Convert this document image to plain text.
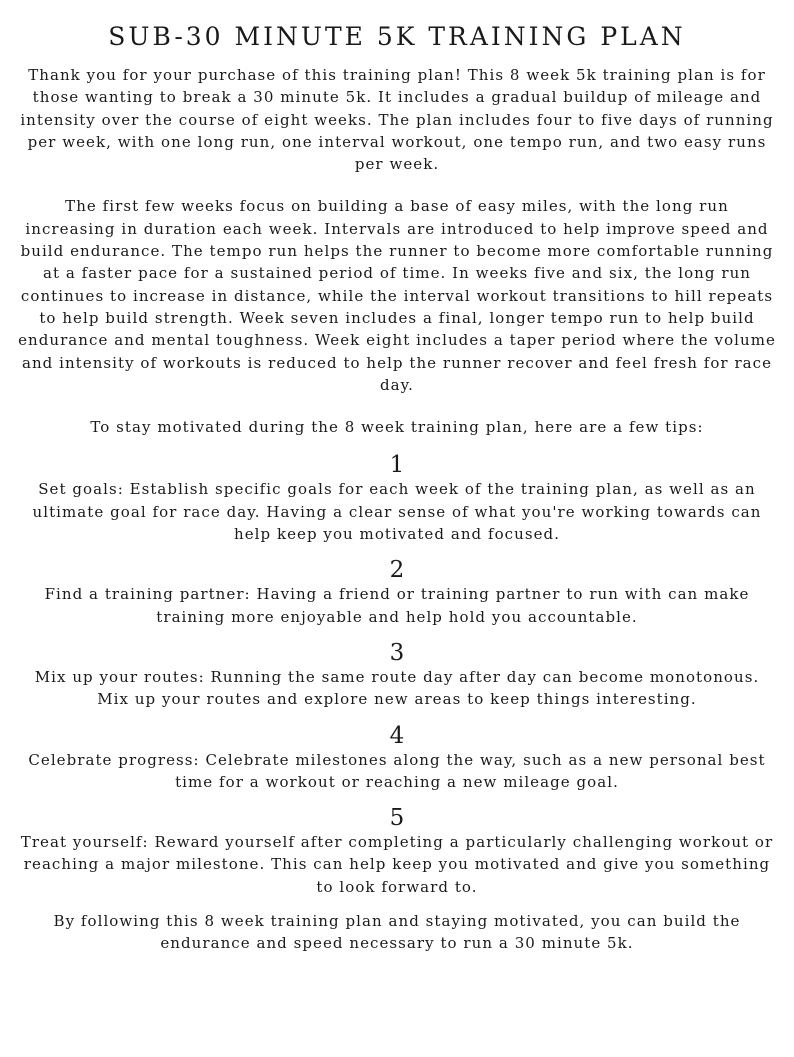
SUB-30 MINUTE 5K TRAINING PLAN

Thank you for your purchase of this training plan! This 8 week 5k training plan is for those wanting to break a 30 minute 5k. It includes a gradual buildup of mileage and intensity over the course of eight weeks. The plan includes four to five days of running per week, with one long run, one interval workout, one tempo run, and two easy runs per week.

The first few weeks focus on building a base of easy miles, with the long run increasing in duration each week. Intervals are introduced to help improve speed and build endurance. The tempo run helps the runner to become more comfortable running at a faster pace for a sustained period of time. In weeks five and six, the long run continues to increase in distance, while the interval workout transitions to hill repeats to help build strength. Week seven includes a final, longer tempo run to help build endurance and mental toughness. Week eight includes a taper period where the volume and intensity of workouts is reduced to help the runner recover and feel fresh for race day.

To stay motivated during the 8 week training plan, here are a few tips:

1

Set goals: Establish specific goals for each week of the training plan, as well as an ultimate goal for race day. Having a clear sense of what you're working towards can help keep you motivated and focused.

2

Find a training partner: Having a friend or training partner to run with can make training more enjoyable and help hold you accountable.

3

Mix up your routes: Running the same route day after day can become monotonous. Mix up your routes and explore new areas to keep things interesting.

4

Celebrate progress: Celebrate milestones along the way, such as a new personal best time for a workout or reaching a new mileage goal.

5

Treat yourself: Reward yourself after completing a particularly challenging workout or reaching a major milestone. This can help keep you motivated and give you something to look forward to.

By following this 8 week training plan and staying motivated, you can build the endurance and speed necessary to run a 30 minute 5k.
